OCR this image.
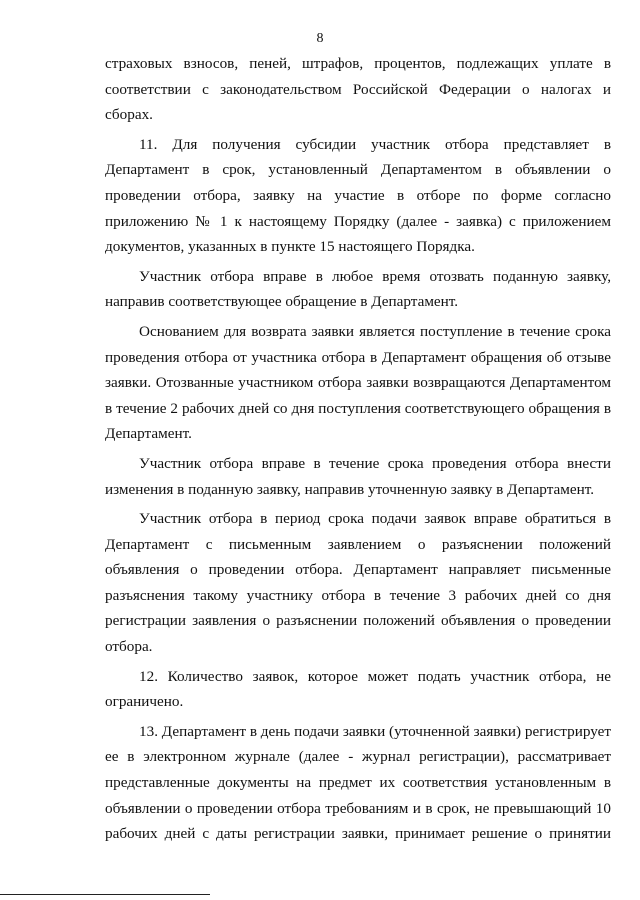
8
страховых взносов, пеней, штрафов, процентов, подлежащих уплате в
соответствии с законодательством Российской Федерации о налогах и
сборах.
11. Для получения субсидии участник отбора представляет в
Департамент в срок, установленный Департаментом в объявлении о
проведении отбора, заявку на участие в отборе по форме согласно
приложению № 1 к настоящему Порядку (далее - заявка) с приложением
документов, указанных в пункте 15 настоящего Порядка.
Участник отбора вправе в любое время отозвать поданную заявку,
направив соответствующее обращение в Департамент.
Основанием для возврата заявки является поступление в течение срока
проведения отбора от участника отбора в Департамент обращения об отзыве
заявки. Отозванные участником отбора заявки возвращаются Департаментом
в течение 2 рабочих дней со дня поступления соответствующего обращения в
Департамент.
Участник отбора вправе в течение срока проведения отбора внести
изменения в поданную заявку, направив уточненную заявку в Департамент.
Участник отбора в период срока подачи заявок вправе обратиться в
Департамент с письменным заявлением о разъяснении положений
объявления о проведении отбора. Департамент направляет письменные
разъяснения такому участнику отбора в течение 3 рабочих дней со дня
регистрации заявления о разъяснении положений объявления о проведении
отбора.
12. Количество заявок, которое может подать участник отбора, не
ограничено.
13. Департамент в день подачи заявки (уточненной заявки) регистрирует
ее в электронном журнале (далее - журнал регистрации), рассматривает
представленные документы на предмет их соответствия установленным в
объявлении о проведении отбора требованиям и в срок, не превышающий 10
рабочих дней с даты регистрации заявки, принимает решение о принятии
